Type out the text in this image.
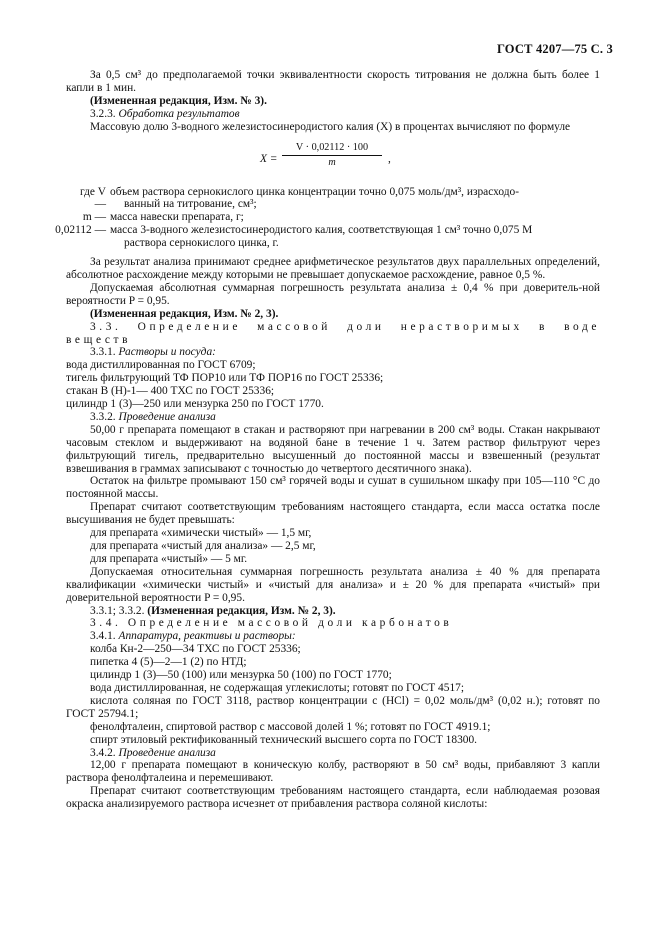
ГОСТ 4207—75 С. 3

За 0,5 см³ до предполагаемой точки эквивалентности скорость титрования не должна быть более 1 капли в 1 мин.

(Измененная редакция, Изм. № 3).

3.2.3. Обработка результатов

Массовую долю 3-водного железистосинеродистого калия (X) в процентах вычисляют по формуле

$X = \frac{V \cdot 0,02112 \cdot 100}{m}$ ,
где V —
объем раствора сернокислого цинка концентрации точно 0,075 моль/дм³, израсходо-
ванный на титрование, см³;
m — масса навески препарата, г;
0,02112 — масса 3-водного железистосинеродистого калия, соответствующая 1 см³ точно 0,075 М
раствора сернокислого цинка, г.

За результат анализа принимают среднее арифметическое результатов двух параллельных определений, абсолютное расхождение между которыми не превышает допускаемое расхождение, равное 0,5 %.

Допускаемая абсолютная суммарная погрешность результата анализа ± 0,4 % при доверитель-ной вероятности P = 0,95.

(Измененная редакция, Изм. № 2, 3).

3.3. Определение массовой доли нерастворимых в воде веществ

3.3.1. Растворы и посуда:

вода дистиллированная по ГОСТ 6709;

тигель фильтрующий ТФ ПОР10 или ТФ ПОР16 по ГОСТ 25336;

стакан В (Н)-1— 400 ТХС по ГОСТ 25336;

цилиндр 1 (3)—250 или мензурка 250 по ГОСТ 1770.

3.3.2. Проведение анализа

50,00 г препарата помещают в стакан и растворяют при нагревании в 200 см³ воды. Стакан накрывают часовым стеклом и выдерживают на водяной бане в течение 1 ч. Затем раствор фильтруют через фильтрующий тигель, предварительно высушенный до постоянной массы и взвешенный (результат взвешивания в граммах записывают с точностью до четвертого десятичного знака).

Остаток на фильтре промывают 150 см³ горячей воды и сушат в сушильном шкафу при 105—110 °С до постоянной массы.

Препарат считают соответствующим требованиям настоящего стандарта, если масса остатка после высушивания не будет превышать:

для препарата «химически чистый» — 1,5 мг,

для препарата «чистый для анализа» — 2,5 мг,

для препарата «чистый» — 5 мг.

Допускаемая относительная суммарная погрешность результата анализа ± 40 % для препарата квалификации «химически чистый» и «чистый для анализа» и ± 20 % для препарата «чистый» при доверительной вероятности P = 0,95.

3.3.1; 3.3.2. (Измененная редакция, Изм. № 2, 3).

3.4. Определение массовой доли карбонатов

3.4.1. Аппаратура, реактивы и растворы:

колба Кн-2—250—34 ТХС по ГОСТ 25336;

пипетка 4 (5)—2—1 (2) по НТД;

цилиндр 1 (3)—50 (100) или мензурка 50 (100) по ГОСТ 1770;

вода дистиллированная, не содержащая углекислоты; готовят по ГОСТ 4517;

кислота соляная по ГОСТ 3118, раствор концентрации c (HCl) = 0,02 моль/дм³ (0,02 н.); готовят по ГОСТ 25794.1;

фенолфталеин, спиртовой раствор с массовой долей 1 %; готовят по ГОСТ 4919.1;

спирт этиловый ректификованный технический высшего сорта по ГОСТ 18300.

3.4.2. Проведение анализа

12,00 г препарата помещают в коническую колбу, растворяют в 50 см³ воды, прибавляют 3 капли раствора фенолфталеина и перемешивают.

Препарат считают соответствующим требованиям настоящего стандарта, если наблюдаемая розовая окраска анализируемого раствора исчезнет от прибавления раствора соляной кислоты:
